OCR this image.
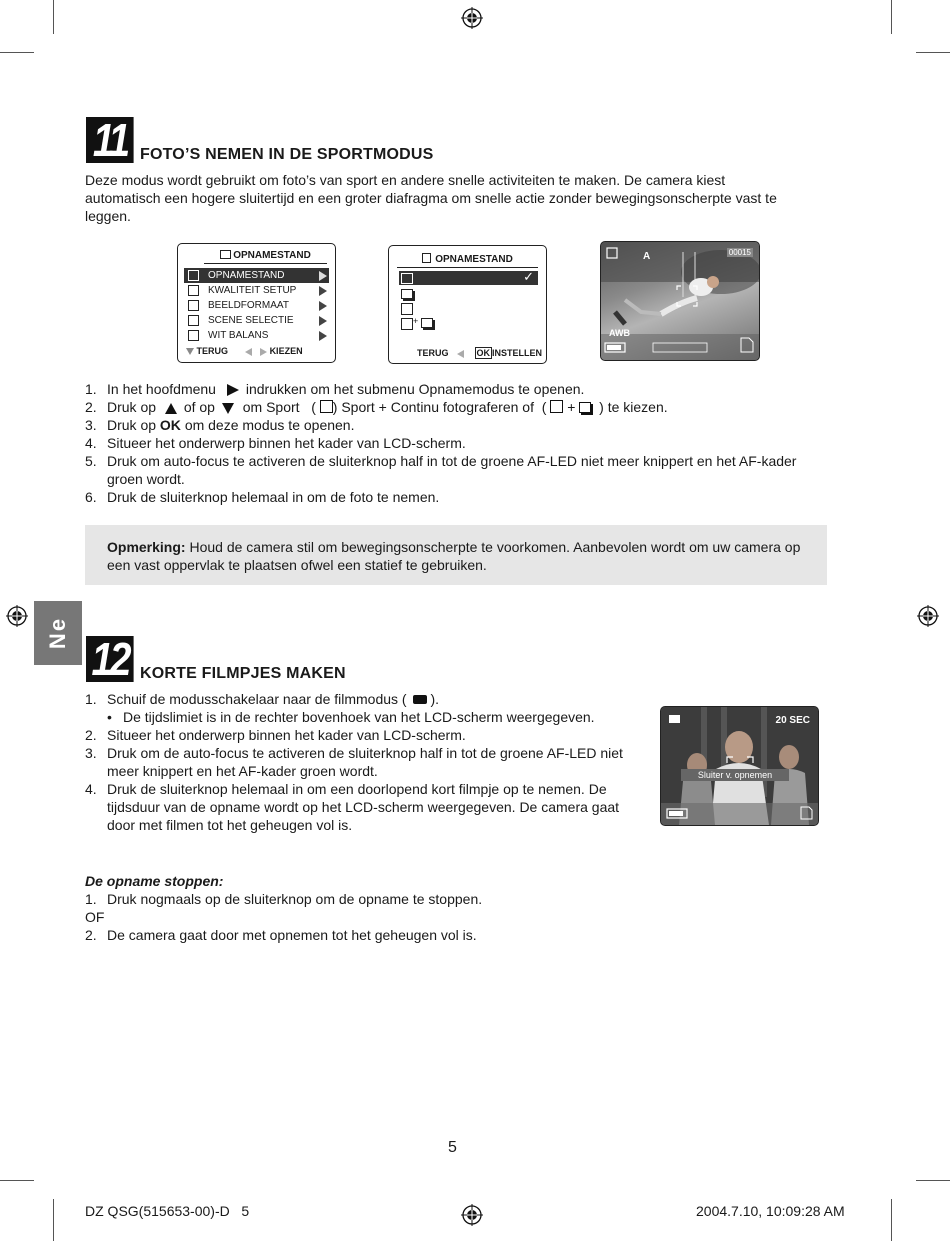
11 FOTO’S NEMEN IN DE SPORTMODUS
Deze modus wordt gebruikt om foto’s van sport en andere snelle activiteiten te maken. De camera kiest automatisch een hogere sluitertijd en een groter diafragma om snelle actie zonder bewegingsonscherpte vast te leggen.
OPNAMESTAND
OPNAMESTAND
KWALITEIT SETUP
BEELDFORMAAT
SCENE SELECTIE
WIT BALANS
TERUG	KIEZEN
OPNAMESTAND
✓
+
TERUG	OK INSTELLEN
A	00015
AWB
1. In het hoofdmenu indrukken om het submenu Opnamemodus te openen.
2. Druk op of op om Sport   ( ) Sport + Continu fotograferen of  (  +  ) te kiezen.
3. Druk op OK om deze modus te openen.
4. Situeer het onderwerp binnen het kader van LCD-scherm.
5. Druk om auto-focus te activeren de sluiterknop half in tot de groene AF-LED niet meer knippert en het AF-kader groen wordt.
6. Druk de sluiterknop helemaal in om de foto te nemen.
Opmerking: Houd de camera stil om bewegingsonscherpte te voorkomen. Aanbevolen wordt om uw camera op een vast oppervlak te plaatsen ofwel een statief te gebruiken.
Ne 12 KORTE FILMPJES MAKEN
1. Schuif de modusschakelaar naar de filmmodus ( ).
• De tijdslimiet is in de rechter bovenhoek van het LCD-scherm weergegeven.
2. Situeer het onderwerp binnen het kader van LCD-scherm.
3. Druk om de auto-focus te activeren de sluiterknop half in tot de groene AF-LED niet meer knippert en het AF-kader groen wordt.
4. Druk de sluiterknop helemaal in om een doorlopend kort filmpje op te nemen. De tijdsduur van de opname wordt op het LCD-scherm weergegeven. De camera gaat door met filmen tot het geheugen vol is.
20 SEC
Sluiter v. opnemen
De opname stoppen:
1. Druk nogmaals op de sluiterknop om de opname te stoppen.
OF
2. De camera gaat door met opnemen tot het geheugen vol is.
5
DZ QSG(515653-00)-D   5	2004.7.10, 10:09:28 AM
